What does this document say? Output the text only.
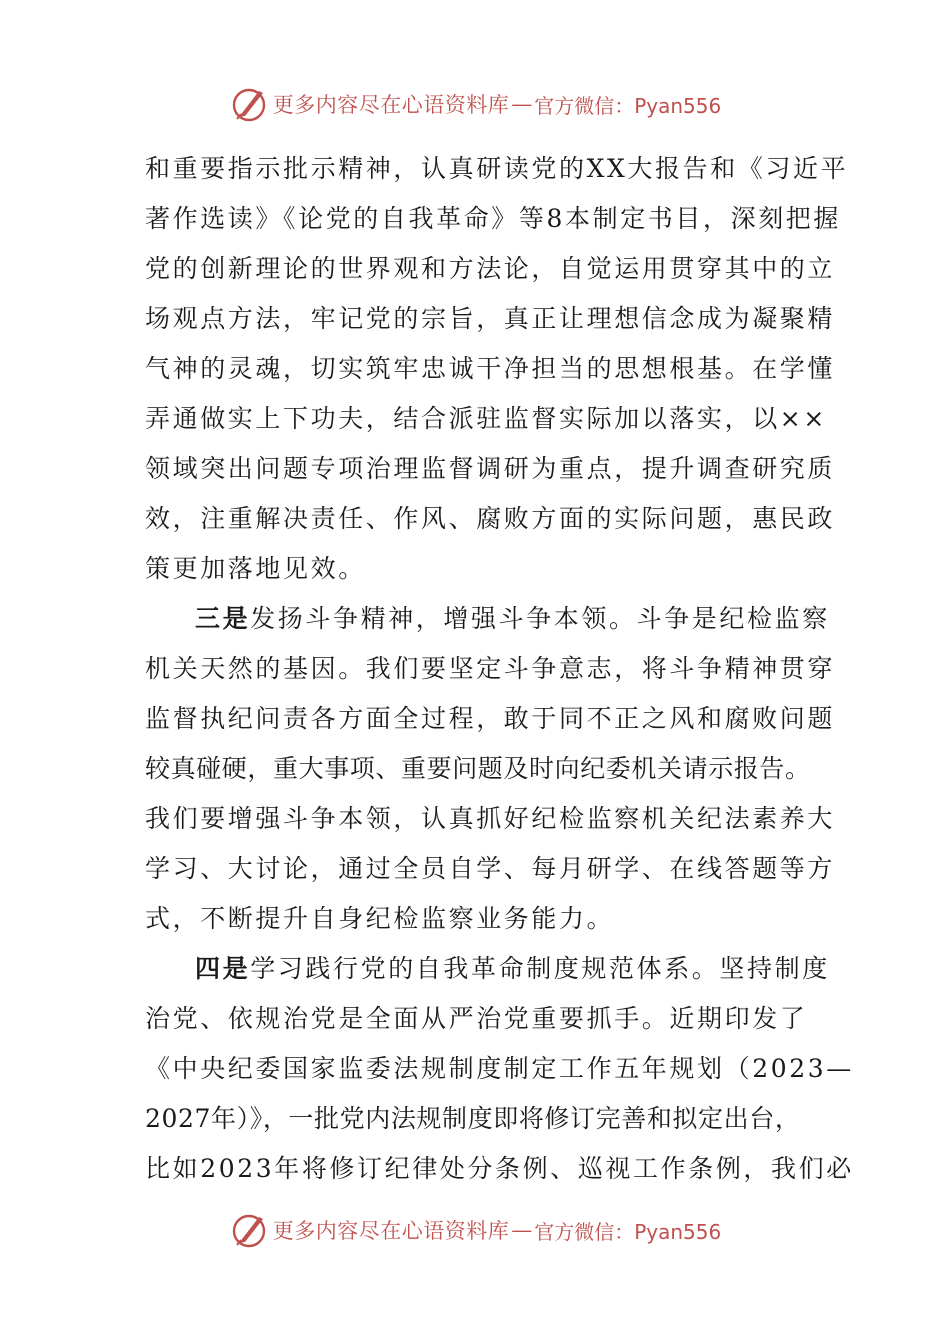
更多内容尽在心语资料库 — 官方微信：Pyan556
和重要指示批示精神，认真研读党的XX大报告和《习近平
著作选读》《论党的自我革命》等8本制定书目，深刻把握
党的创新理论的世界观和方法论，自觉运用贯穿其中的立
场观点方法，牢记党的宗旨，真正让理想信念成为凝聚精
气神的灵魂，切实筑牢忠诚干净担当的思想根基。在学懂
弄通做实上下功夫，结合派驻监督实际加以落实，以××
领域突出问题专项治理监督调研为重点，提升调查研究质
效，注重解决责任、作风、腐败方面的实际问题，惠民政
策更加落地见效。
三是发扬斗争精神，增强斗争本领。斗争是纪检监察
机关天然的基因。我们要坚定斗争意志，将斗争精神贯穿
监督执纪问责各方面全过程，敢于同不正之风和腐败问题
较真碰硬，重大事项、重要问题及时向纪委机关请示报告。
我们要增强斗争本领，认真抓好纪检监察机关纪法素养大
学习、大讨论，通过全员自学、每月研学、在线答题等方
式，不断提升自身纪检监察业务能力。
四是学习践行党的自我革命制度规范体系。坚持制度
治党、依规治党是全面从严治党重要抓手。近期印发了
《中央纪委国家监委法规制度制定工作五年规划（2023—
2027年）》，一批党内法规制度即将修订完善和拟定出台，
比如2023年将修订纪律处分条例、巡视工作条例，我们必
更多内容尽在心语资料库 — 官方微信：Pyan556
